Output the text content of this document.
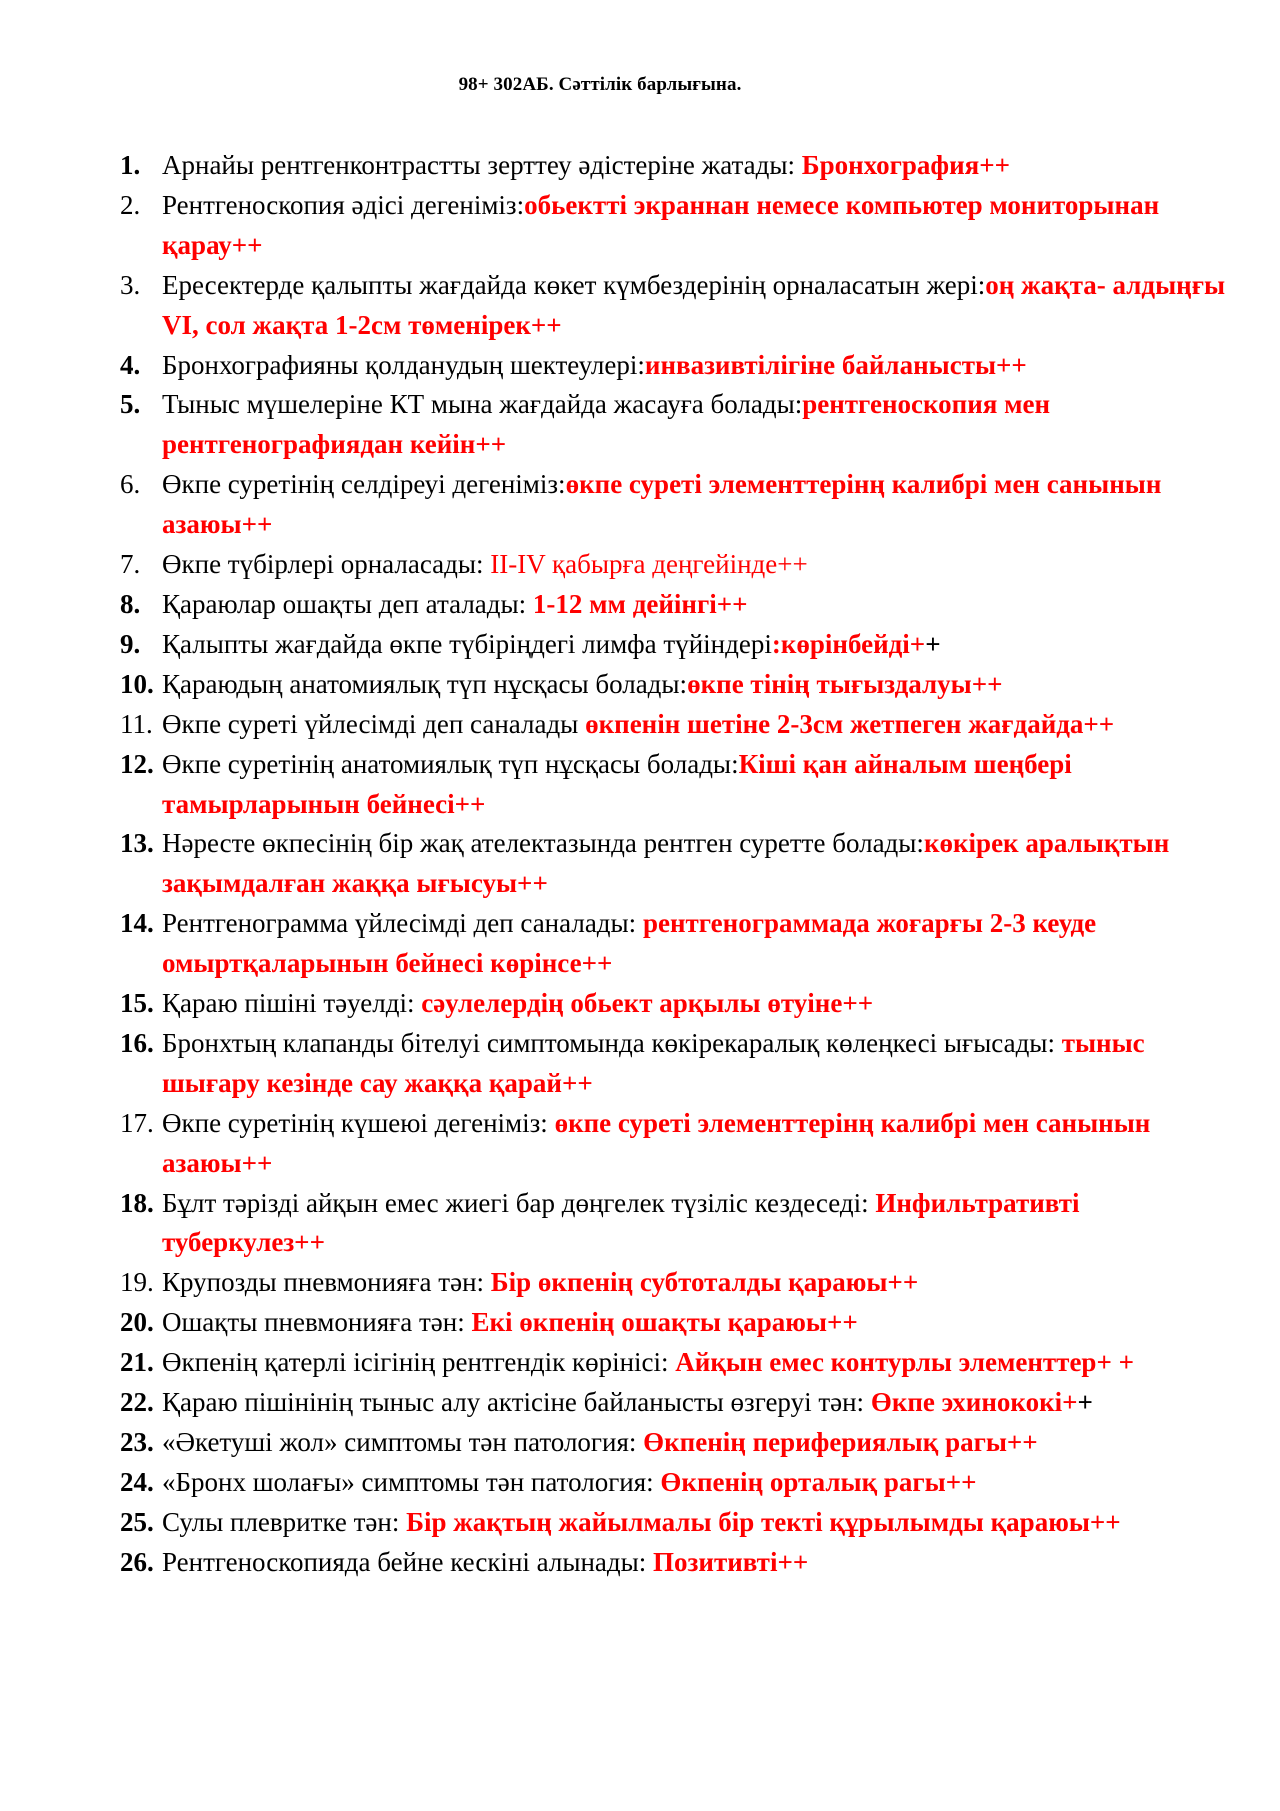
98+ 302АБ. Сәттілік барлығына.
1. Арнайы рентгенконтрастты зерттеу әдістеріне жатады: Бронхография++
2. Рентгеноскопия әдісі дегеніміз:обьектті экраннан немесе компьютер мониторынан қарау++
3. Ересектерде қалыпты жағдайда көкет күмбездерінің орналасатын жері:оң жақта- алдыңғы VI, сол жақта 1-2см төменірек++
4. Бронхографияны қолданудың шектеулері:инвазивтілігіне байланысты++
5. Тыныс мүшелеріне КТ мына жағдайда жасауға болады:рентгеноскопия мен рентгенографиядан кейін++
6. Өкпе суретінің селдіреуі дегеніміз:өкпе суреті элементтерінң калибрі мен санынын азаюы++
7. Өкпе түбірлері орналасады: II-IV қабырға деңгейінде++
8. Қараюлар ошақты деп аталады: 1-12 мм дейінгі++
9. Қалыпты жағдайда өкпе түбіріңдегі лимфа түйіндері:көрінбейді++
10. Қараюдың анатомиялық түп нұсқасы болады:өкпе тінің тығыздалуы++
11. Өкпе суреті үйлесімді деп саналады өкпенін шетіне 2-3см жетпеген жағдайда++
12. Өкпе суретінің анатомиялық түп нұсқасы болады:Кіші қан айналым шеңбері тамырларынын бейнесі++
13. Нәресте өкпесінің бір жақ ателектазында рентген суретте болады:көкірек аралықтын зақымдалған жаққа ығысуы++
14. Рентгенограмма үйлесімді деп саналады: рентгенограммада жоғарғы 2-3 кеуде омыртқаларынын бейнесі көрінсе++
15. Қараю пішіні тәуелді: сәулелердің обьект арқылы өтуіне++
16. Бронхтың клапанды бітелуі симптомында көкірекаралық көлеңкесі ығысады: тыныс шығару кезінде сау жаққа қарай++
17. Өкпе суретінің күшеюі дегеніміз: өкпе суреті элементтерінң калибрі мен санынын азаюы++
18. Бұлт тәрізді айқын емес жиегі бар дөңгелек түзіліс кездеседі: Инфильтративті туберкулез++
19. Крупозды пневмонияға тән: Бір өкпенің субтоталды қараюы++
20. Ошақты пневмонияға тән: Екі өкпенің ошақты қараюы++
21. Өкпенің қатерлі ісігінің рентгендік көрінісі: Айқын емес контурлы элементтер+ +
22. Қараю пішінінің тыныс алу актісіне байланысты өзгеруі тән: Өкпе эхинококі++
23. «Әкетуші жол» симптомы тән патология: Өкпенің перифериялық рагы++
24. «Бронх шолағы» симптомы тән патология: Өкпенің орталық рагы++
25. Сулы плевритке тән: Бір жақтың жайылмалы бір текті құрылымды қараюы++
26. Рентгеноскопияда бейне кескіні алынады: Позитивті++
